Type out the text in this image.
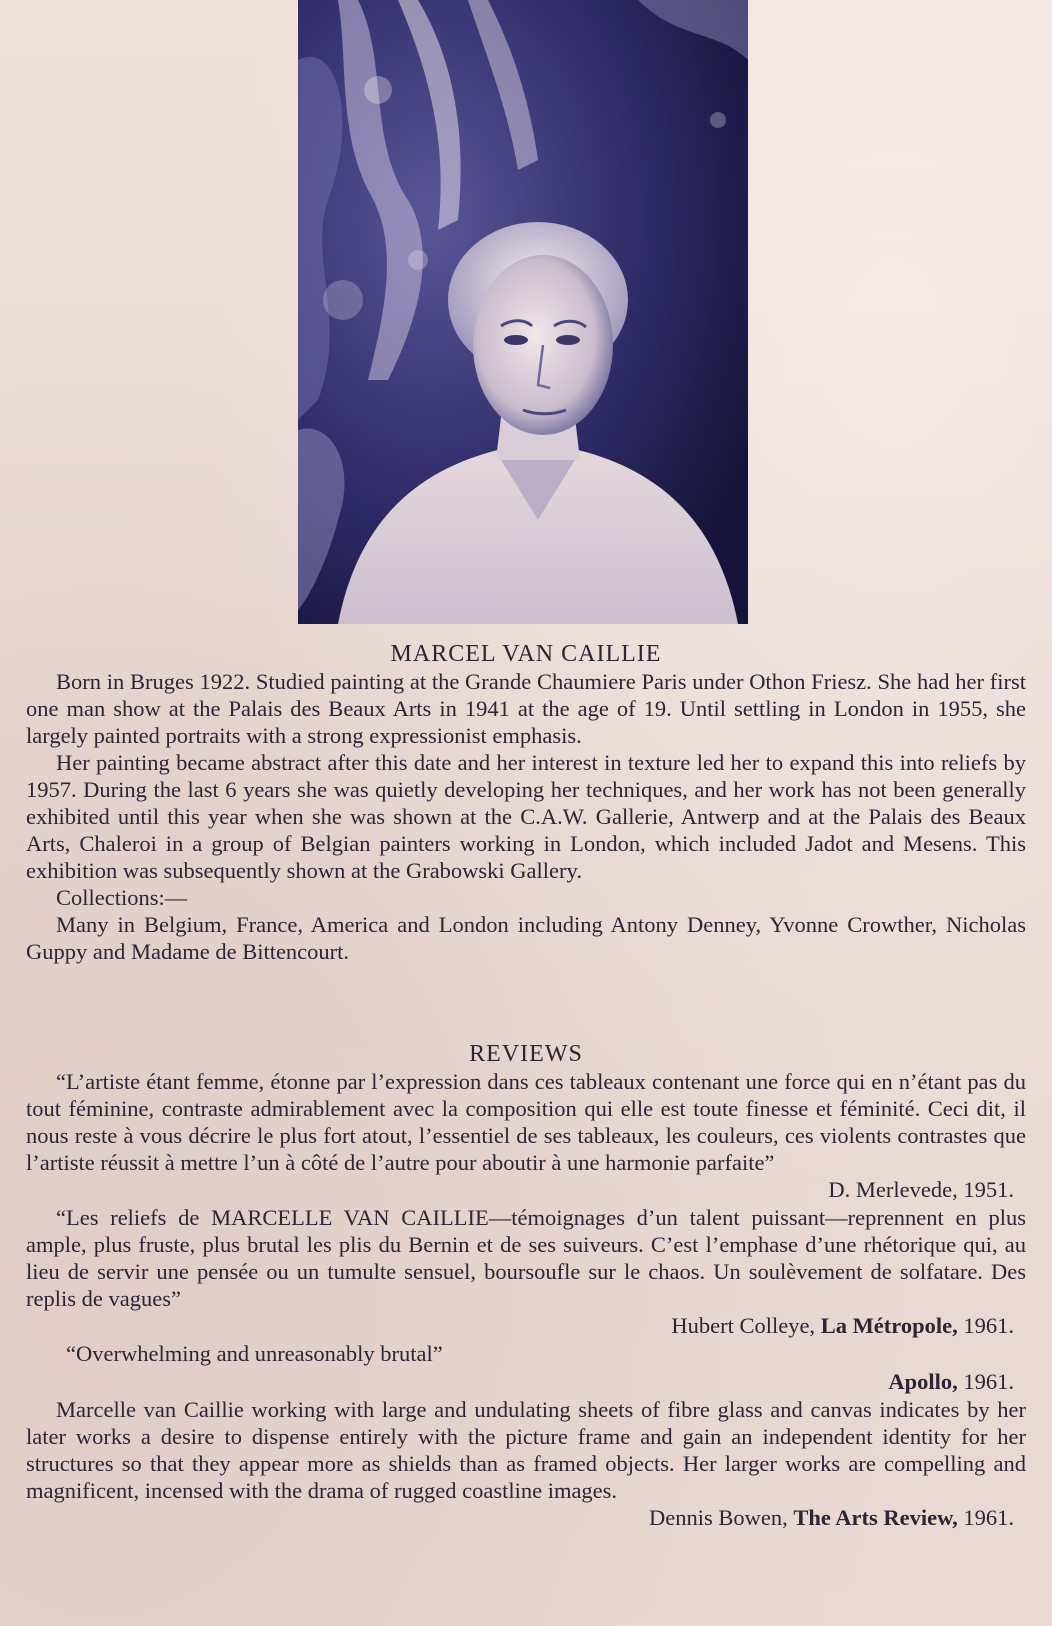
MARCEL VAN CAILLIE

Born in Bruges 1922. Studied painting at the Grande Chaumiere Paris under Othon Friesz. She had her first one man show at the Palais des Beaux Arts in 1941 at the age of 19. Until settling in London in 1955, she largely painted portraits with a strong expressionist emphasis.

Her painting became abstract after this date and her interest in texture led her to expand this into reliefs by 1957. During the last 6 years she was quietly developing her techniques, and her work has not been generally exhibited until this year when she was shown at the C.A.W. Gallerie, Antwerp and at the Palais des Beaux Arts, Chaleroi in a group of Belgian painters working in London, which included Jadot and Mesens. This exhibition was subsequently shown at the Grabowski Gallery.

Collections:—

Many in Belgium, France, America and London including Antony Denney, Yvonne Crowther, Nicholas Guppy and Madame de Bittencourt.

REVIEWS

“L’artiste étant femme, étonne par l’expression dans ces tableaux contenant une force qui en n’étant pas du tout féminine, contraste admirablement avec la composition qui elle est toute finesse et féminité. Ceci dit, il nous reste à vous décrire le plus fort atout, l’essentiel de ses tableaux, les couleurs, ces violents contrastes que l’artiste réussit à mettre l’un à côté de l’autre pour aboutir à une harmonie parfaite”

D. Merlevede, 1951.

“Les reliefs de MARCELLE VAN CAILLIE—témoignages d’un talent puissant—reprennent en plus ample, plus fruste, plus brutal les plis du Bernin et de ses suiveurs. C’est l’emphase d’une rhétorique qui, au lieu de servir une pensée ou un tumulte sensuel, boursoufle sur le chaos. Un soulèvement de solfatare. Des replis de vagues”

Hubert Colleye, La Métropole, 1961.

“Overwhelming and unreasonably brutal”

Apollo, 1961.

Marcelle van Caillie working with large and undulating sheets of fibre glass and canvas indicates by her later works a desire to dispense entirely with the picture frame and gain an independent identity for her structures so that they appear more as shields than as framed objects. Her larger works are compelling and magnificent, incensed with the drama of rugged coastline images.

Dennis Bowen, The Arts Review, 1961.
